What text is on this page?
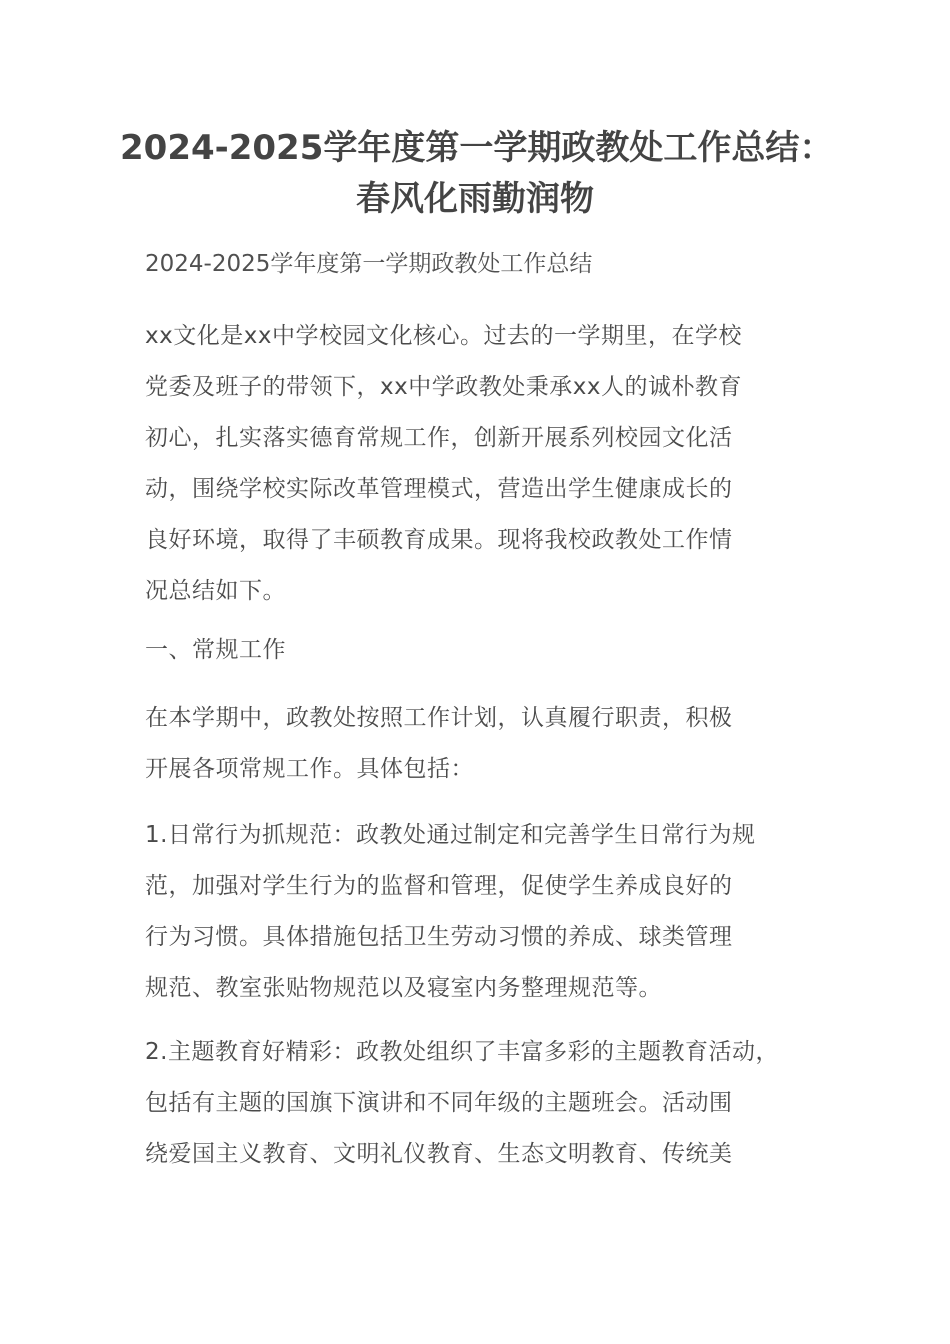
2024-2025学年度第一学期政教处工作总结：
春风化雨勤润物

2024-2025学年度第一学期政教处工作总结

xx文化是xx中学校园文化核心。过去的一学期里，在学校
党委及班子的带领下，xx中学政教处秉承xx人的诚朴教育
初心，扎实落实德育常规工作，创新开展系列校园文化活
动，围绕学校实际改革管理模式，营造出学生健康成长的
良好环境，取得了丰硕教育成果。现将我校政教处工作情
况总结如下。
一、常规工作
在本学期中，政教处按照工作计划，认真履行职责，积极
开展各项常规工作。具体包括：
1.日常行为抓规范：政教处通过制定和完善学生日常行为规
范，加强对学生行为的监督和管理，促使学生养成良好的
行为习惯。具体措施包括卫生劳动习惯的养成、球类管理
规范、教室张贴物规范以及寝室内务整理规范等。
2.主题教育好精彩：政教处组织了丰富多彩的主题教育活动，
包括有主题的国旗下演讲和不同年级的主题班会。活动围
绕爱国主义教育、文明礼仪教育、生态文明教育、传统美
